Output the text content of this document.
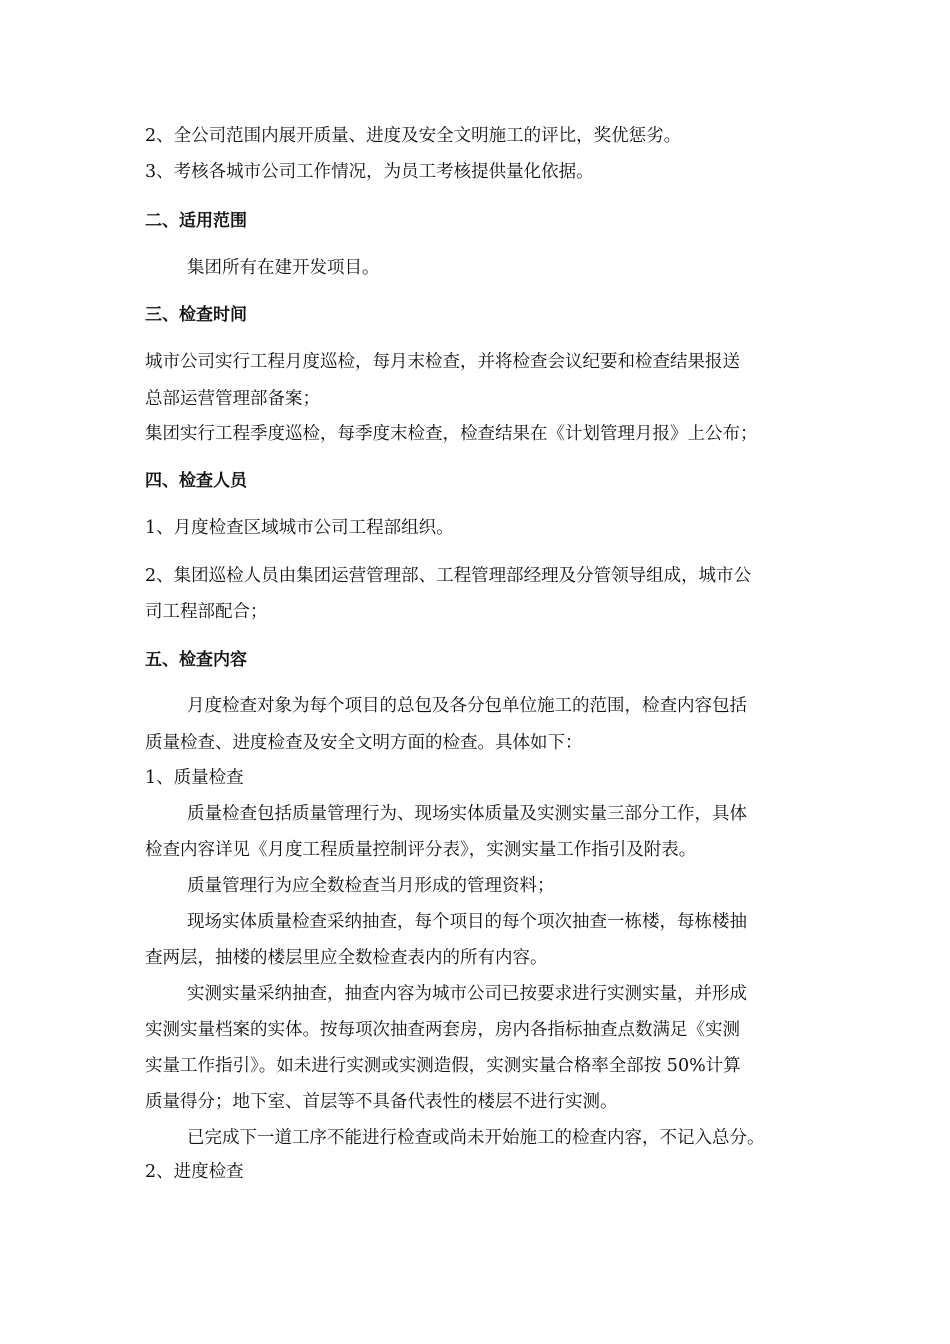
2、全公司范围内展开质量、进度及安全文明施工的评比，奖优惩劣。
3、考核各城市公司工作情况，为员工考核提供量化依据。
二、适用范围
集团所有在建开发项目。
三、检查时间
城市公司实行工程月度巡检，每月末检查，并将检查会议纪要和检查结果报送
总部运营管理部备案；
集团实行工程季度巡检，每季度末检查，检查结果在《计划管理月报》上公布；
四、检查人员
1、月度检查区域城市公司工程部组织。
2、集团巡检人员由集团运营管理部、工程管理部经理及分管领导组成，城市公
司工程部配合；
五、检查内容
月度检查对象为每个项目的总包及各分包单位施工的范围，检查内容包括
质量检查、进度检查及安全文明方面的检查。具体如下：
1、质量检查
质量检查包括质量管理行为、现场实体质量及实测实量三部分工作，具体
检查内容详见《月度工程质量控制评分表》，实测实量工作指引及附表。
质量管理行为应全数检查当月形成的管理资料；
现场实体质量检查采纳抽查，每个项目的每个项次抽查一栋楼，每栋楼抽
查两层，抽楼的楼层里应全数检查表内的所有内容。
实测实量采纳抽查，抽查内容为城市公司已按要求进行实测实量，并形成
实测实量档案的实体。按每项次抽查两套房，房内各指标抽查点数满足《实测
实量工作指引》。如未进行实测或实测造假，实测实量合格率全部按 50%计算
质量得分；地下室、首层等不具备代表性的楼层不进行实测。
已完成下一道工序不能进行检查或尚未开始施工的检查内容，不记入总分。
2、进度检查
